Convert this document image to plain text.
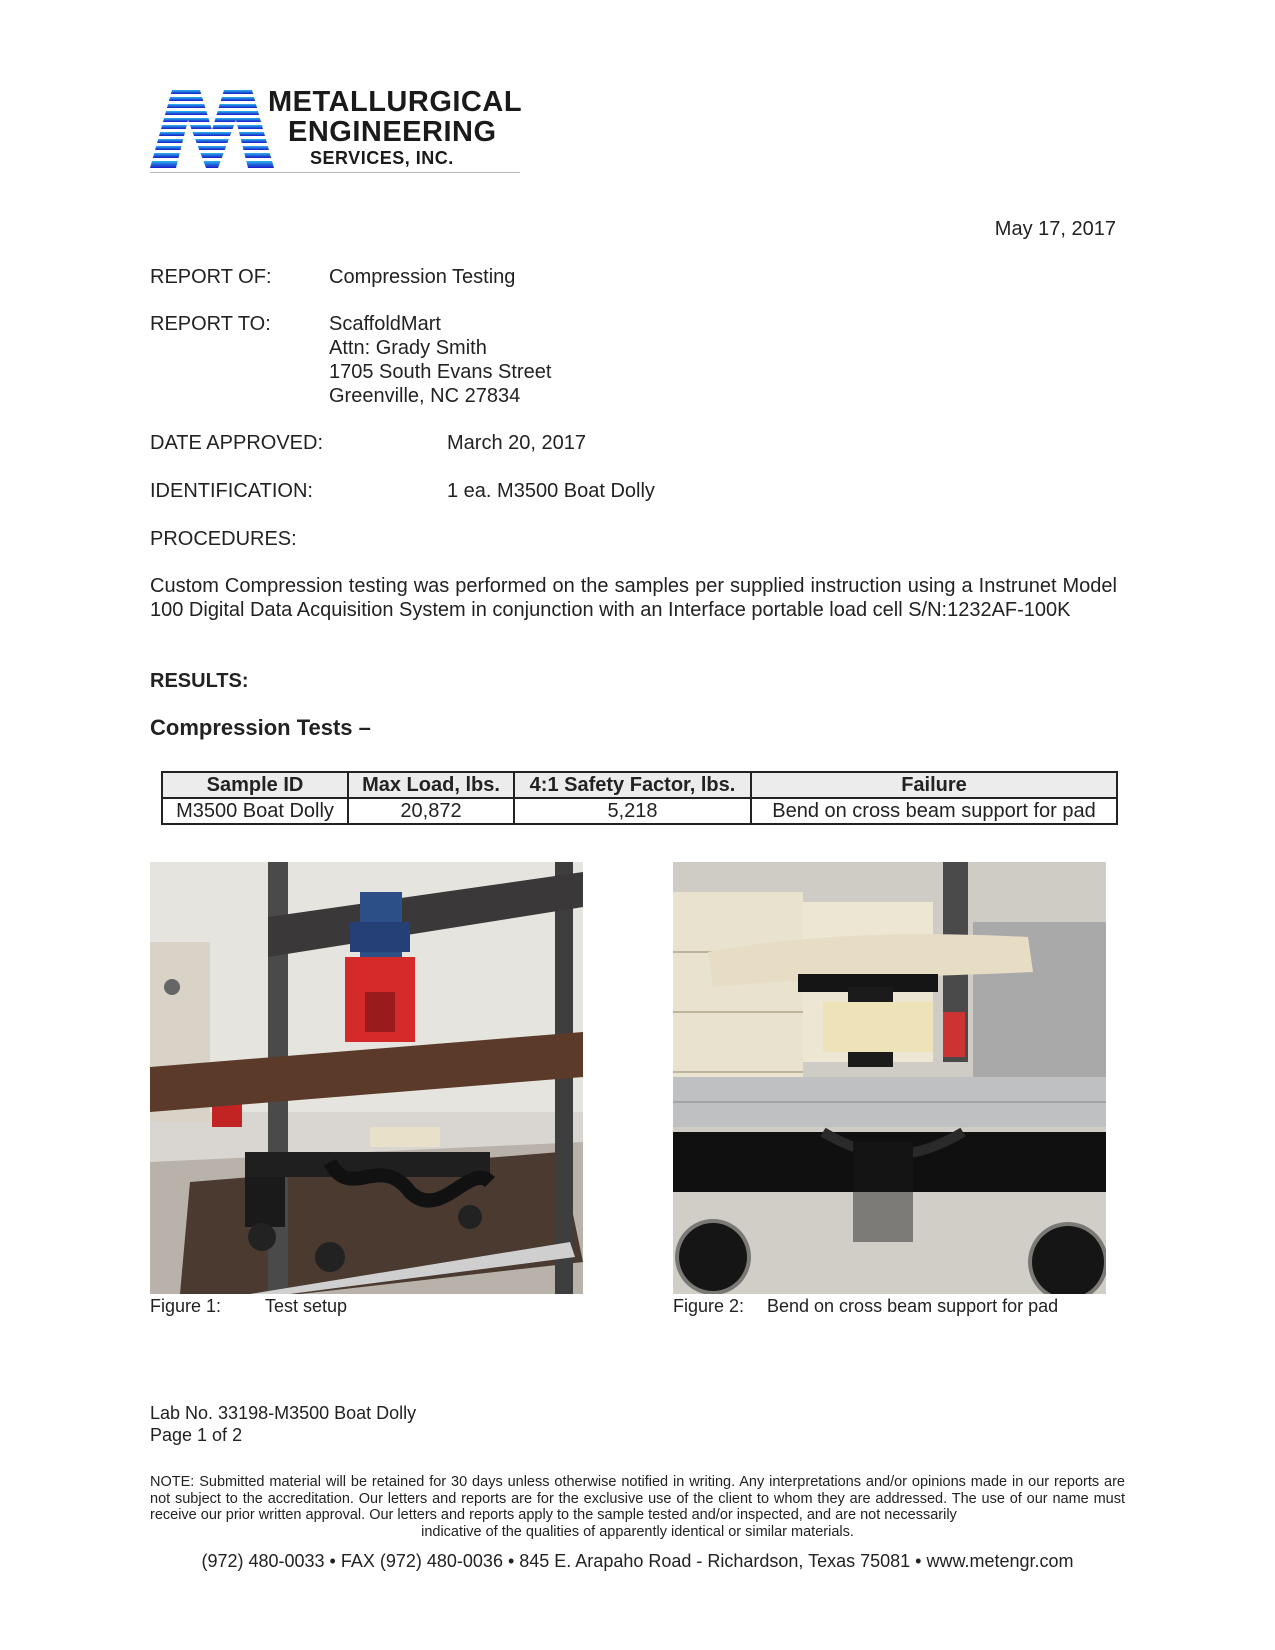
METALLURGICAL
ENGINEERING
SERVICES, INC.
May 17, 2017
REPORT OF:	Compression Testing
REPORT TO:	ScaffoldMart
Attn: Grady Smith
1705 South Evans Street
Greenville, NC 27834
DATE APPROVED:	March 20, 2017
IDENTIFICATION:	1 ea. M3500 Boat Dolly
PROCEDURES:
Custom Compression testing was performed on the samples per supplied instruction using a Instrunet Model 100 Digital Data Acquisition System in conjunction with an Interface portable load cell S/N:1232AF-100K
RESULTS:
Compression Tests –
Sample ID	Max Load, lbs.	4:1 Safety Factor, lbs.	Failure
M3500 Boat Dolly	20,872	5,218	Bend on cross beam support for pad
Figure 1: Test setup	Figure 2: Bend on cross beam support for pad
Lab No. 33198-M3500 Boat Dolly
Page 1 of 2
NOTE: Submitted material will be retained for 30 days unless otherwise notified in writing. Any interpretations and/or opinions made in our reports are not subject to the accreditation. Our letters and reports are for the exclusive use of the client to whom they are addressed. The use of our name must receive our prior written approval. Our letters and reports apply to the sample tested and/or inspected, and are not necessarily
indicative of the qualities of apparently identical or similar materials.
(972) 480-0033 • FAX (972) 480-0036 • 845 E. Arapaho Road - Richardson, Texas 75081 • www.metengr.com
